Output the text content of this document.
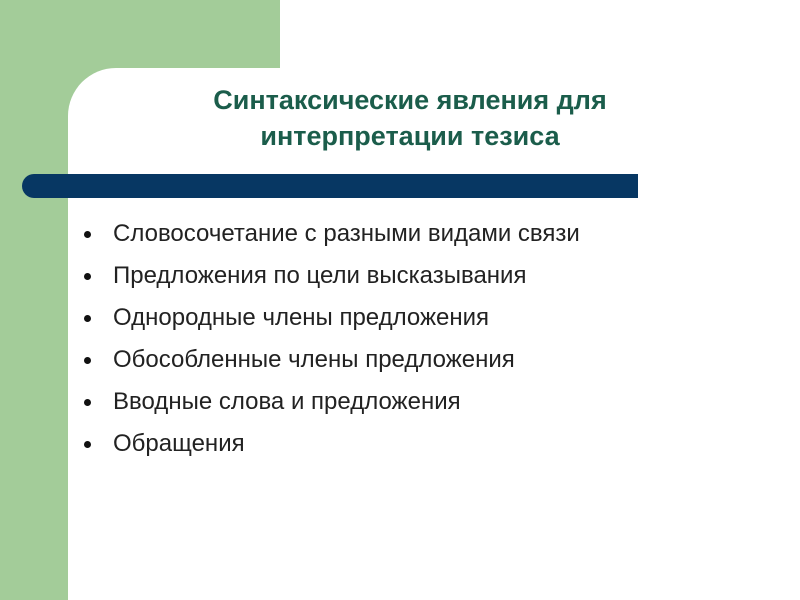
Синтаксические явления для
интерпретации тезиса
Словосочетание с разными видами связи
Предложения по цели высказывания
Однородные члены предложения
Обособленные члены предложения
Вводные слова и предложения
Обращения
